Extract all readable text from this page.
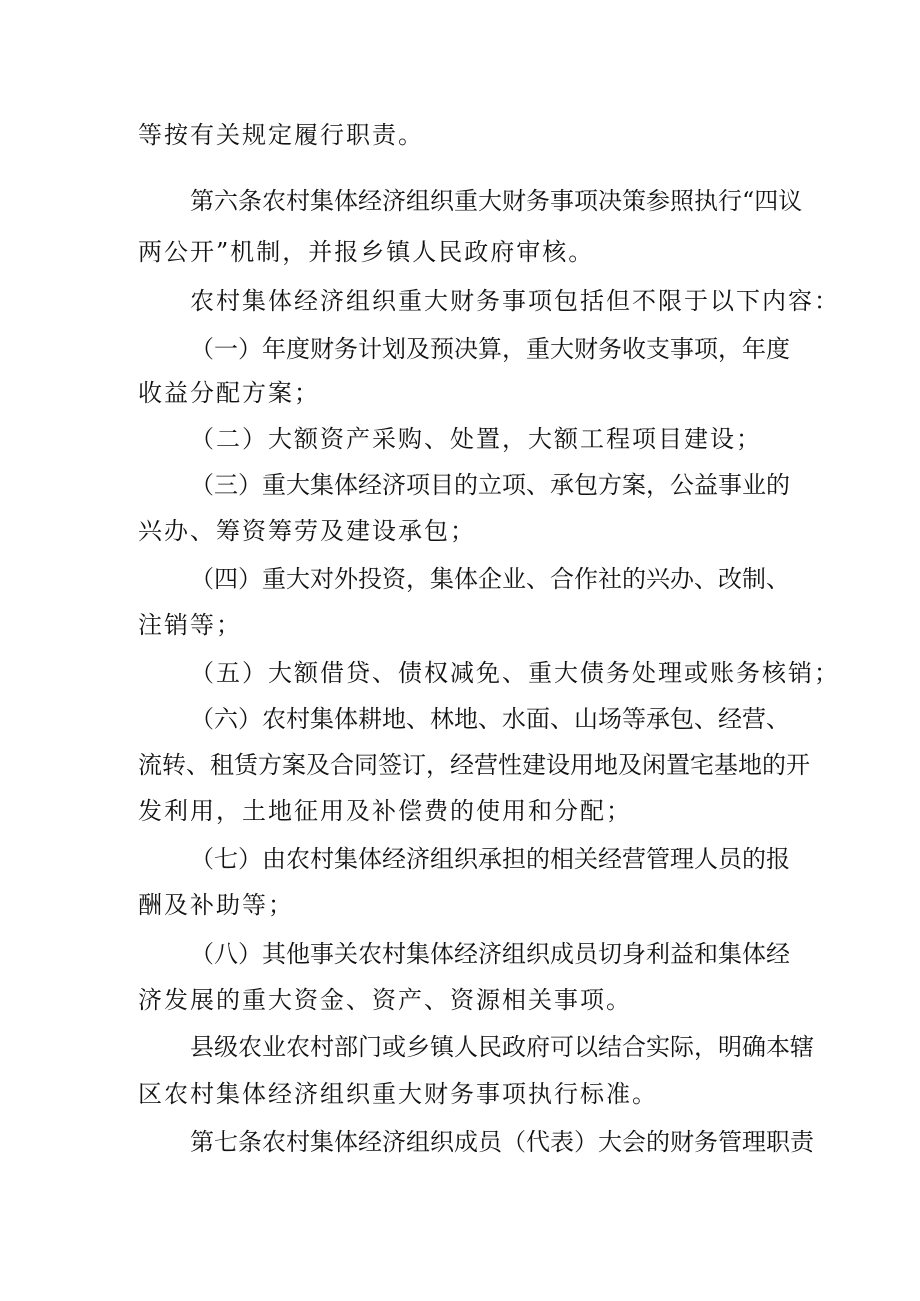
等按有关规定履行职责。

第六条农村集体经济组织重大财务事项决策参照执行“四议

两公开”机制，并报乡镇人民政府审核。

农村集体经济组织重大财务事项包括但不限于以下内容：

（一）年度财务计划及预决算，重大财务收支事项，年度

收益分配方案；

（二）大额资产采购、处置，大额工程项目建设；

（三）重大集体经济项目的立项、承包方案，公益事业的

兴办、筹资筹劳及建设承包；

（四）重大对外投资，集体企业、合作社的兴办、改制、

注销等；

（五）大额借贷、债权减免、重大债务处理或账务核销；

（六）农村集体耕地、林地、水面、山场等承包、经营、

流转、租赁方案及合同签订，经营性建设用地及闲置宅基地的开

发利用，土地征用及补偿费的使用和分配；

（七）由农村集体经济组织承担的相关经营管理人员的报

酬及补助等；

（八）其他事关农村集体经济组织成员切身利益和集体经

济发展的重大资金、资产、资源相关事项。

县级农业农村部门或乡镇人民政府可以结合实际，明确本辖

区农村集体经济组织重大财务事项执行标准。

第七条农村集体经济组织成员（代表）大会的财务管理职责
